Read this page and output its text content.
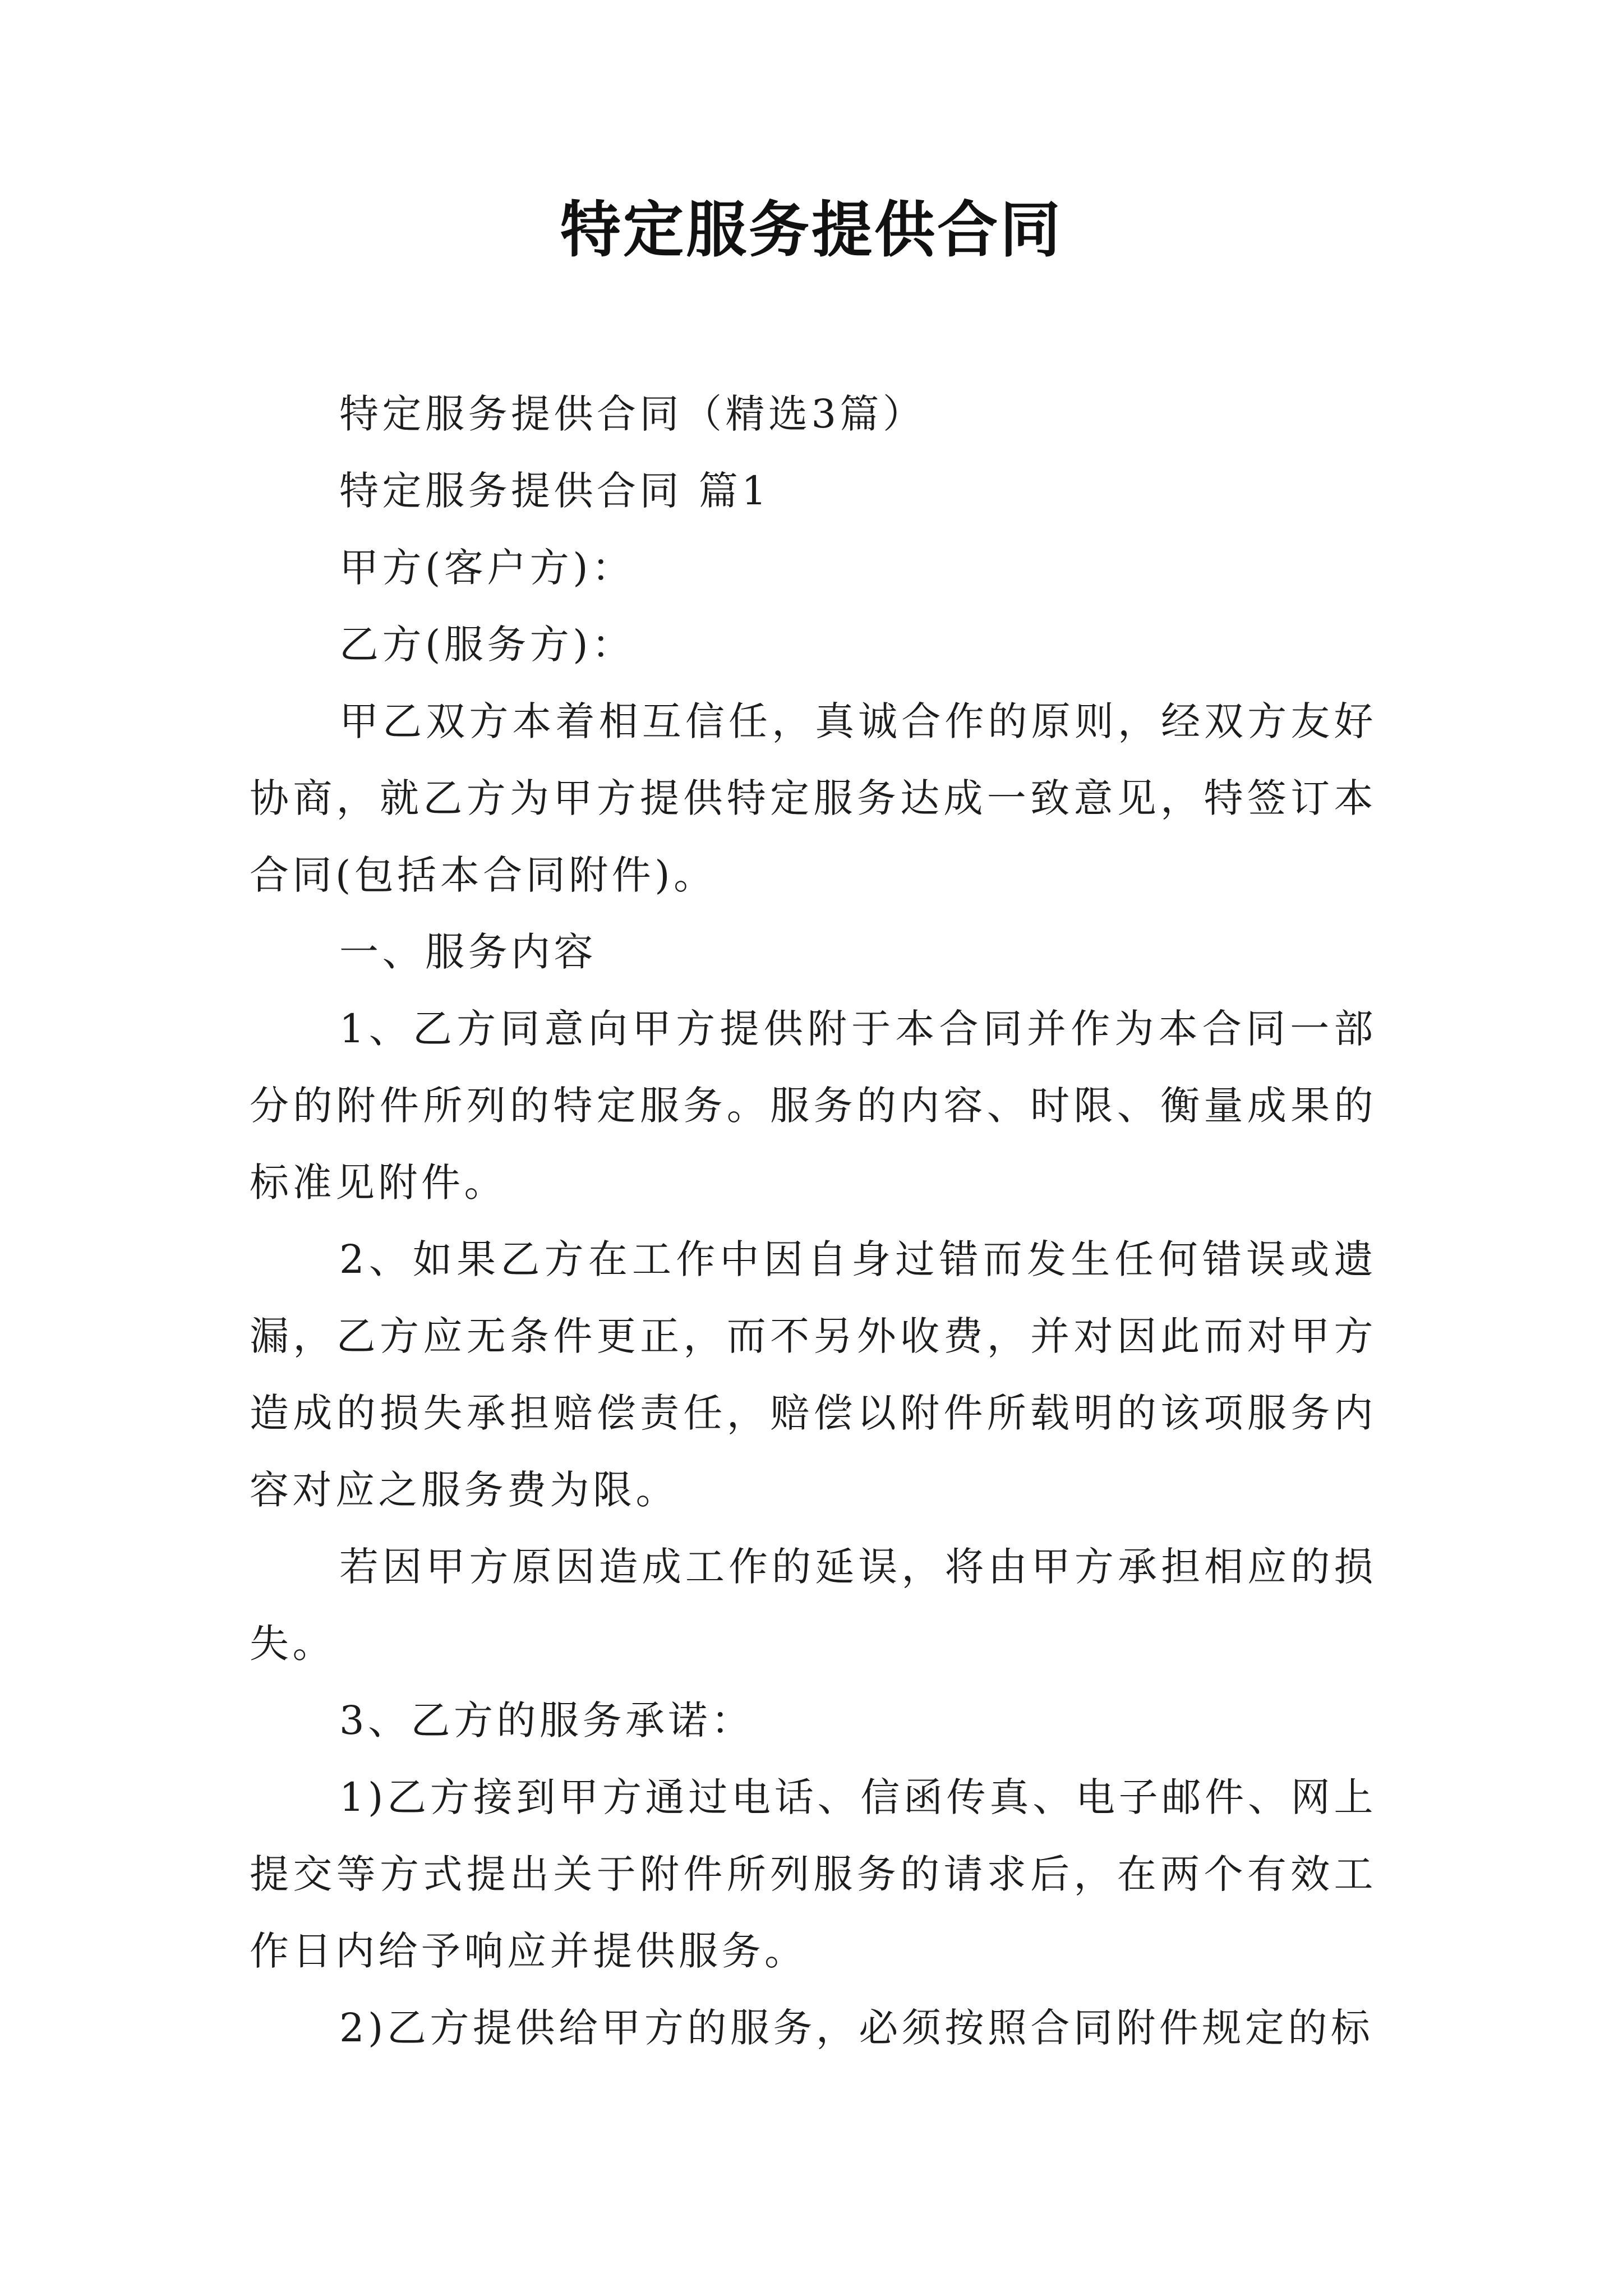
特定服务提供合同

特定服务提供合同（精选3篇）

特定服务提供合同 篇1

甲方(客户方)：

乙方(服务方)：

甲乙双方本着相互信任，真诚合作的原则，经双方友好协商，就乙方为甲方提供特定服务达成一致意见，特签订本合同(包括本合同附件)。

一、服务内容

1、乙方同意向甲方提供附于本合同并作为本合同一部分的附件所列的特定服务。服务的内容、时限、衡量成果的标准见附件。

2、如果乙方在工作中因自身过错而发生任何错误或遗漏，乙方应无条件更正，而不另外收费，并对因此而对甲方造成的损失承担赔偿责任，赔偿以附件所载明的该项服务内容对应之服务费为限。

若因甲方原因造成工作的延误，将由甲方承担相应的损失。

3、乙方的服务承诺：

1)乙方接到甲方通过电话、信函传真、电子邮件、网上提交等方式提出关于附件所列服务的请求后，在两个有效工作日内给予响应并提供服务。

2)乙方提供给甲方的服务，必须按照合同附件规定的标
